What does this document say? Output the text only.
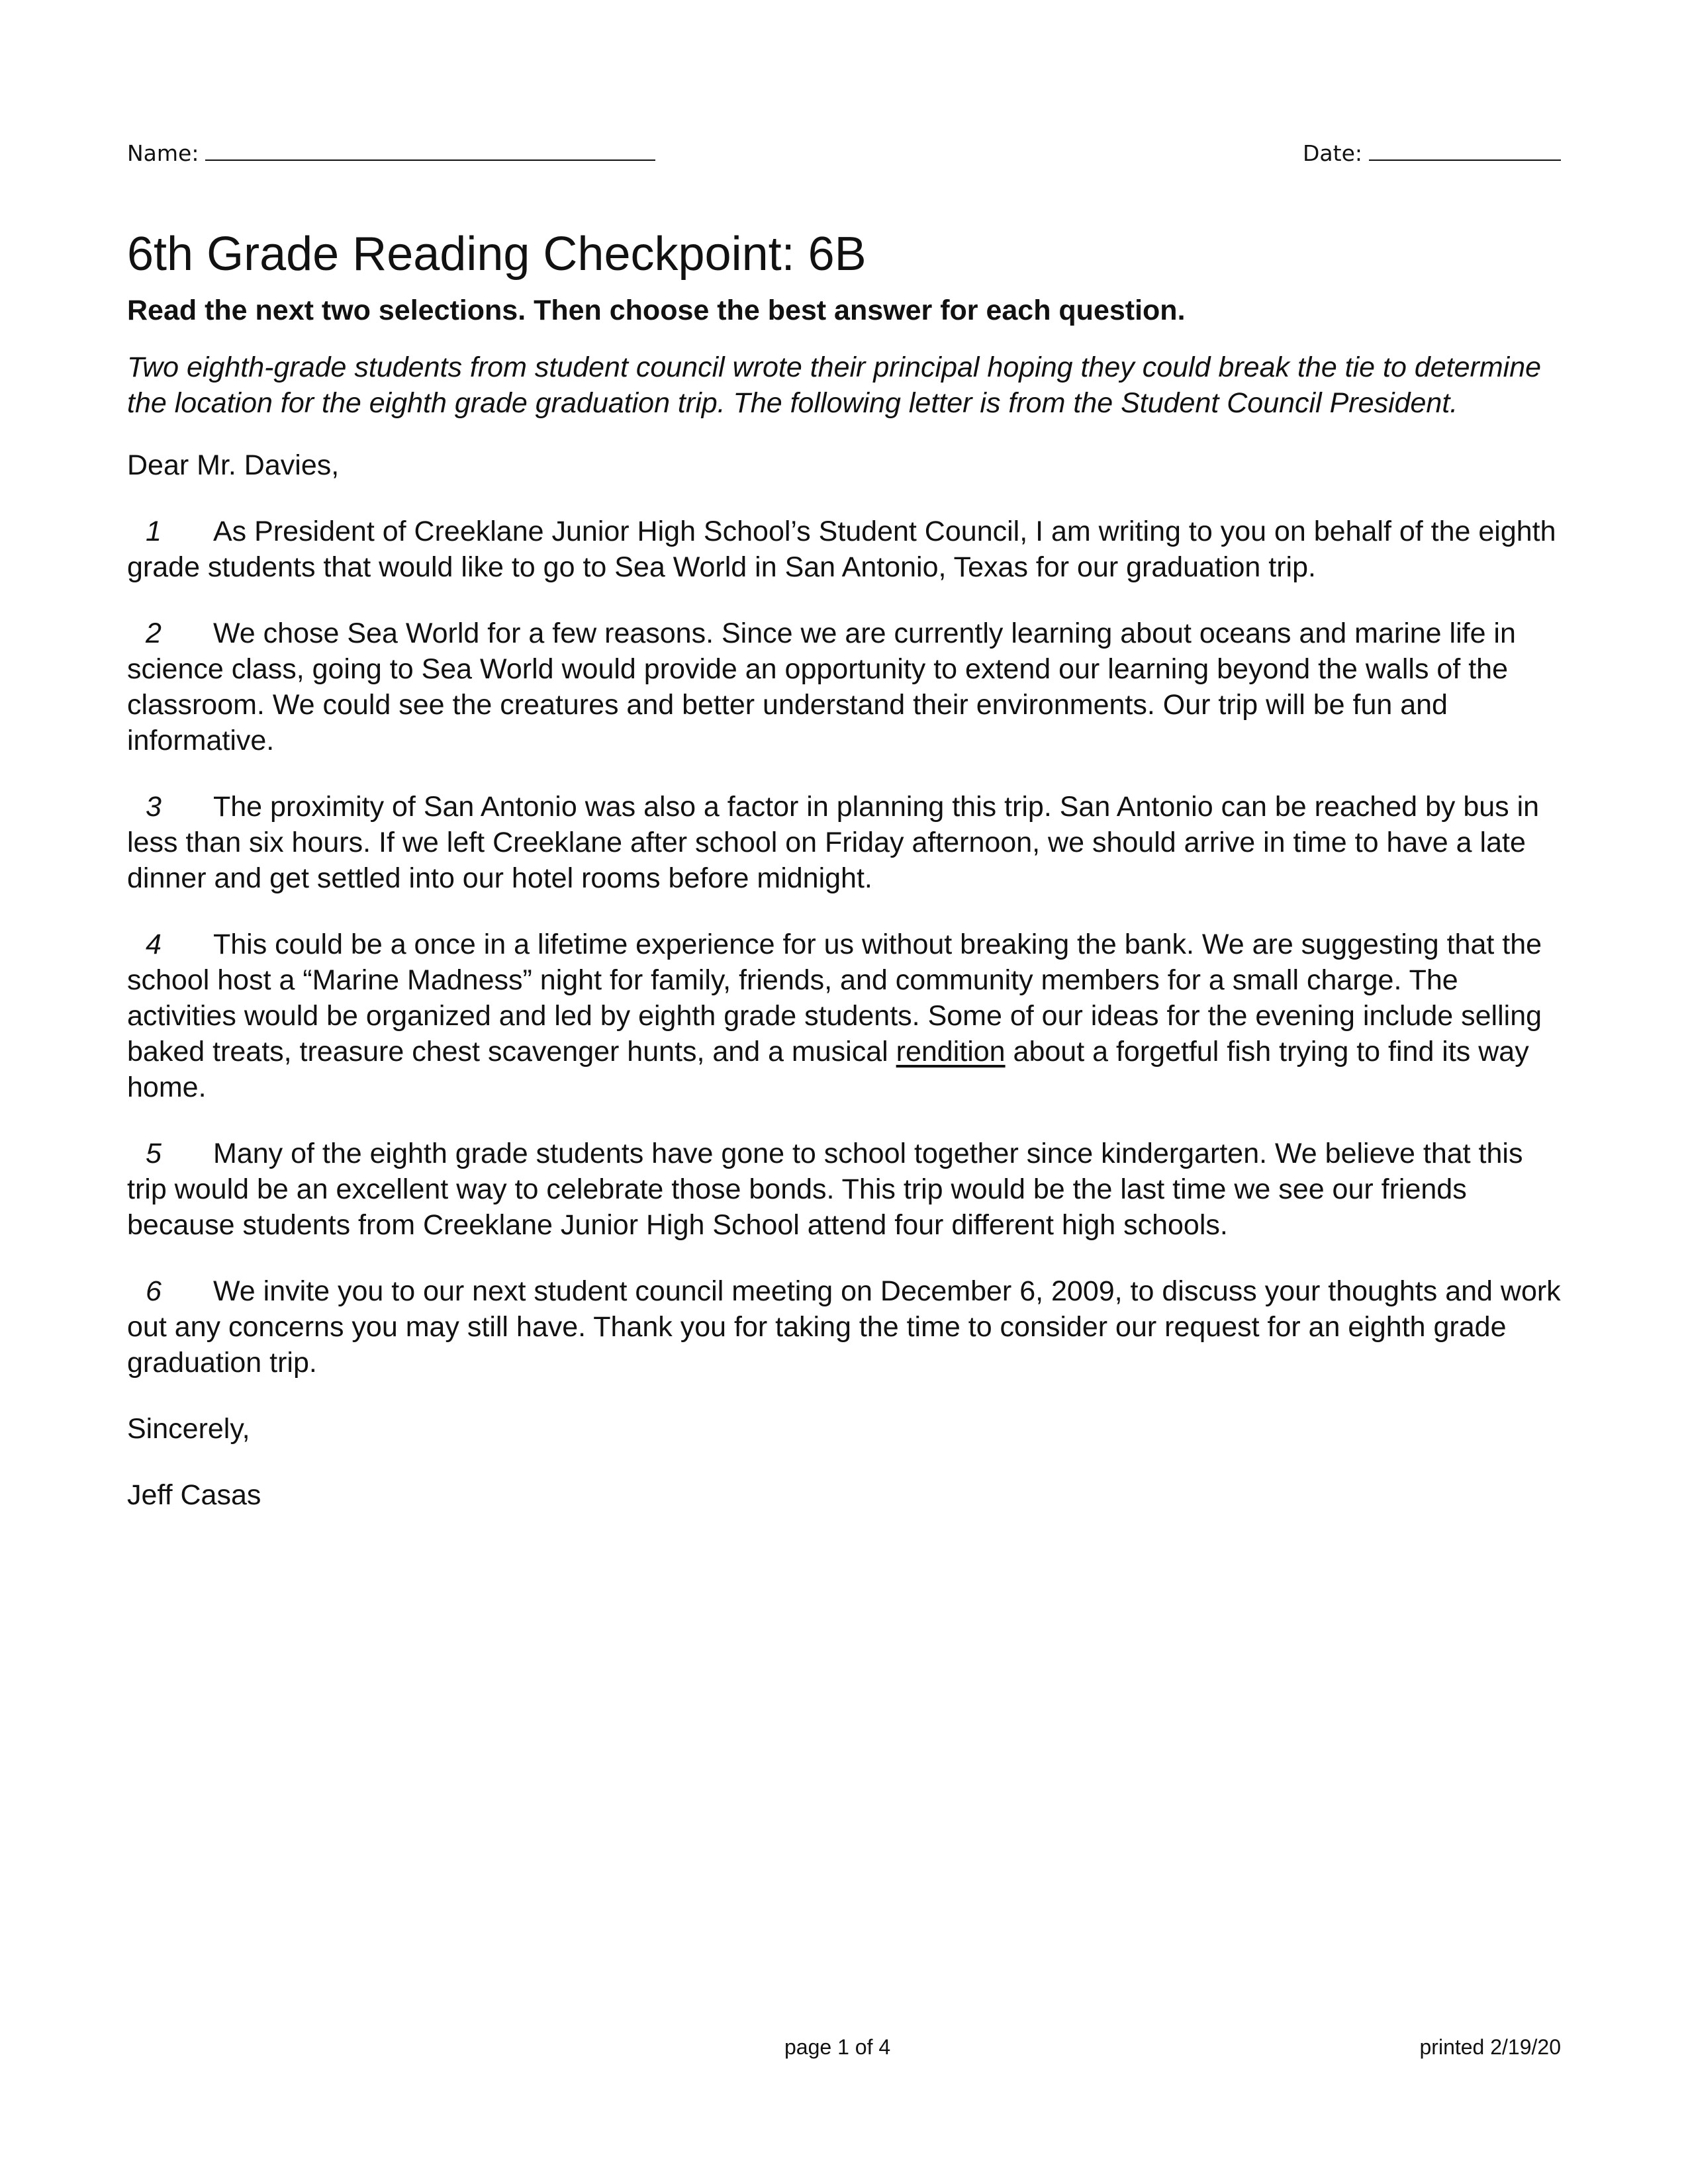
Name:	Date:
6th Grade Reading Checkpoint: 6B

Read the next two selections. Then choose the best answer for each question.

Two eighth-grade students from student council wrote their principal hoping they could break the tie to determine the location for the eighth grade graduation trip. The following letter is from the Student Council President.

Dear Mr. Davies,

1 As President of Creeklane Junior High School’s Student Council, I am writing to you on behalf of the eighth grade students that would like to go to Sea World in San Antonio, Texas for our graduation trip.

2 We chose Sea World for a few reasons. Since we are currently learning about oceans and marine life in science class, going to Sea World would provide an opportunity to extend our learning beyond the walls of the classroom. We could see the creatures and better understand their environments. Our trip will be fun and informative.

3 The proximity of San Antonio was also a factor in planning this trip. San Antonio can be reached by bus in less than six hours. If we left Creeklane after school on Friday afternoon, we should arrive in time to have a late dinner and get settled into our hotel rooms before midnight.

4 This could be a once in a lifetime experience for us without breaking the bank. We are suggesting that the school host a “Marine Madness” night for family, friends, and community members for a small charge. The activities would be organized and led by eighth grade students. Some of our ideas for the evening include selling baked treats, treasure chest scavenger hunts, and a musical rendition about a forgetful fish trying to find its way home.

5 Many of the eighth grade students have gone to school together since kindergarten. We believe that this trip would be an excellent way to celebrate those bonds. This trip would be the last time we see our friends because students from Creeklane Junior High School attend four different high schools.

6 We invite you to our next student council meeting on December 6, 2009, to discuss your thoughts and work out any concerns you may still have. Thank you for taking the time to consider our request for an eighth grade graduation trip.

Sincerely,

Jeff Casas

page 1 of 4	printed 2/19/20
